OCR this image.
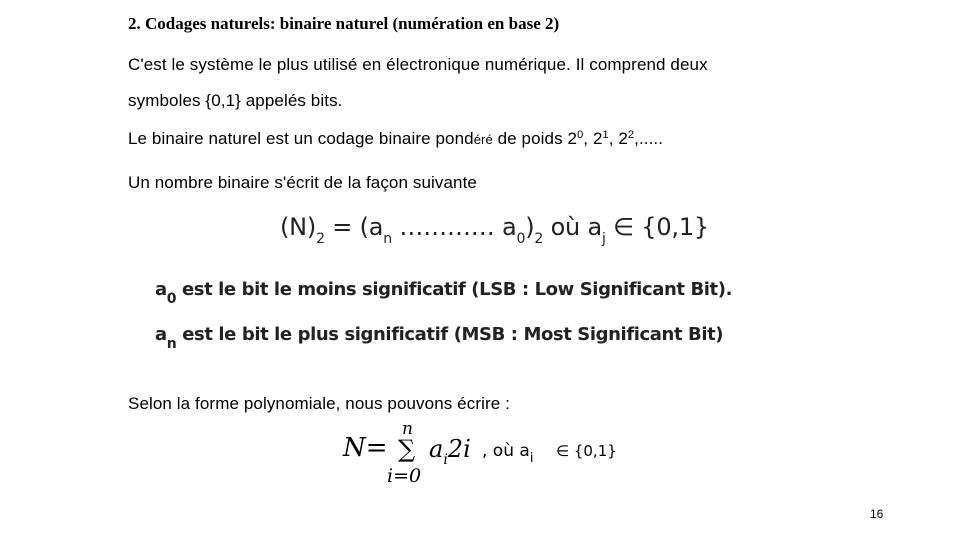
2. Codages naturels: binaire naturel (numération en base 2)
C'est le système le plus utilisé en électronique numérique. Il comprend deux
symboles {0,1} appelés bits.
Le binaire naturel est un codage binaire pondéré de poids $2^0$, $2^1$, $2^2$,.....
Un nombre binaire s'écrit de la façon suivante
$(N)_2 = (a_n$ ………… $a_0)_2$ où $a_j$ ∈ {0,1}
$a_0$ est le bit le moins significatif (LSB : Low Significant Bit).
$a_n$ est le bit le plus significatif (MSB : Most Significant Bit)
Selon la forme polynomiale, nous pouvons écrire :
N=
n
∑
i=0
$a_i2i$ , où $a_i$ ∈ {0,1}
16
